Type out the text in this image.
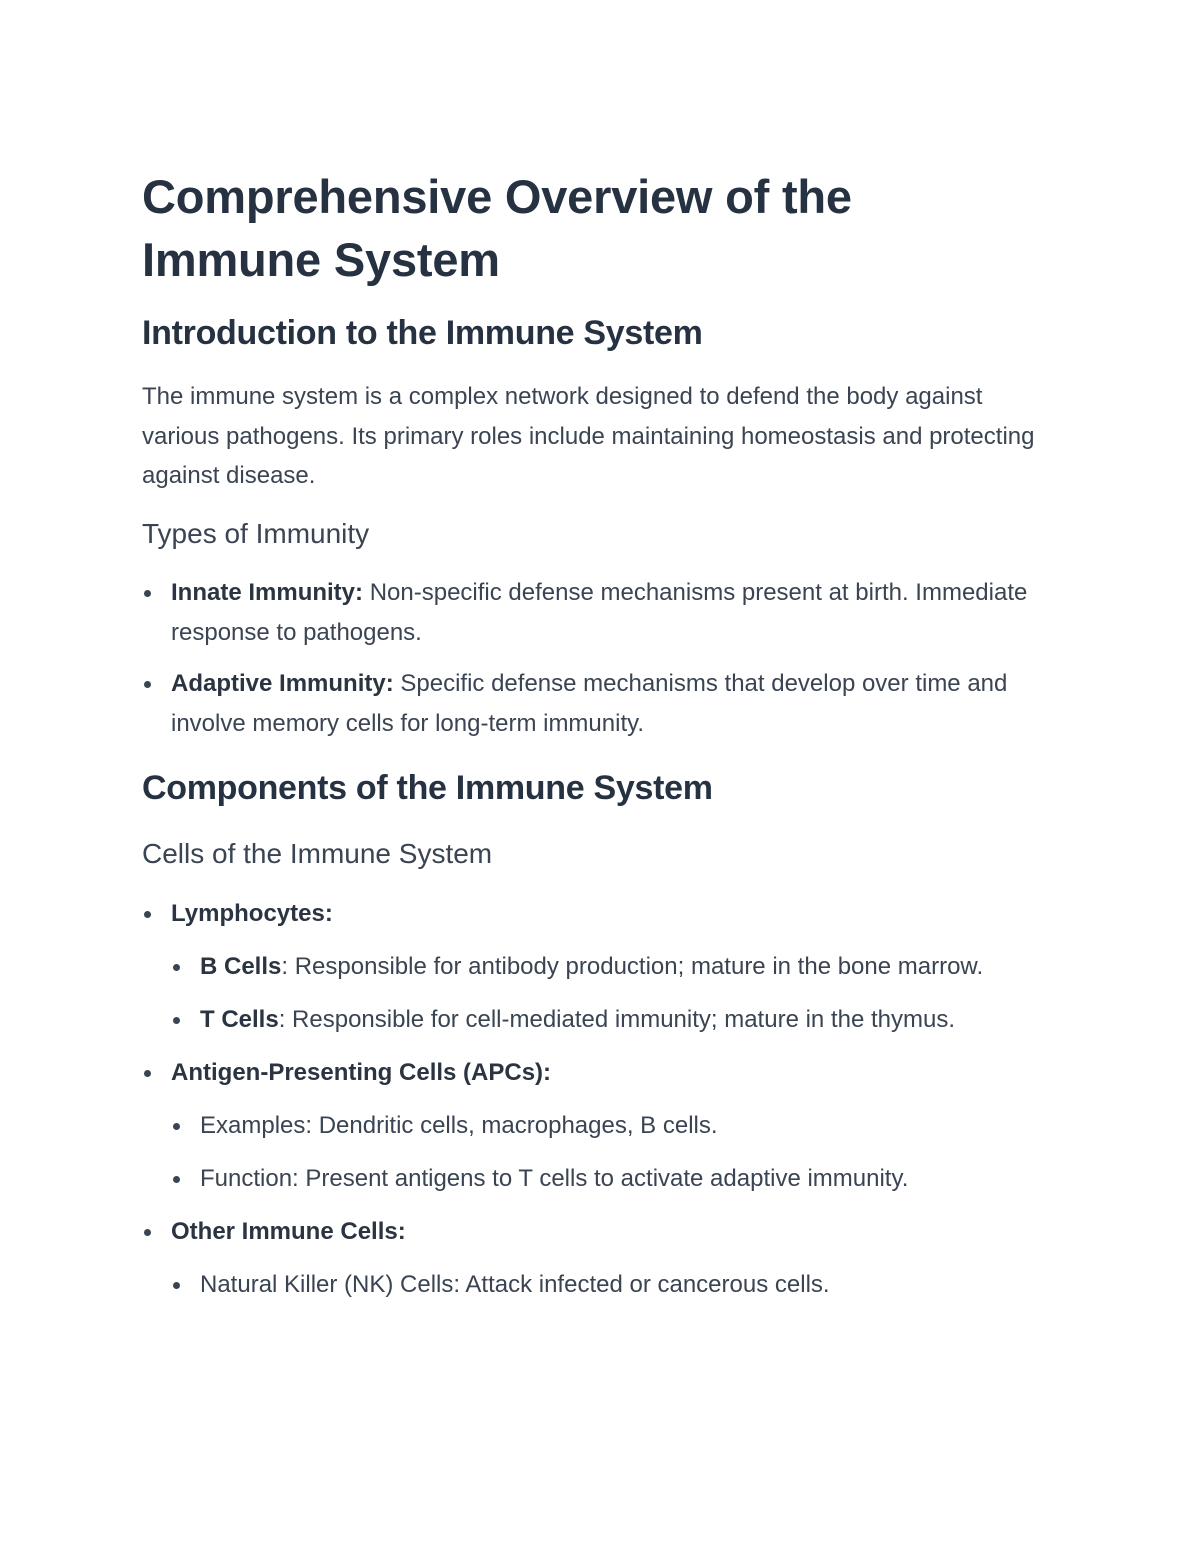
Comprehensive Overview of the Immune System
Introduction to the Immune System

The immune system is a complex network designed to defend the body against various pathogens. Its primary roles include maintaining homeostasis and protecting against disease.

Types of Immunity
Innate Immunity: Non-specific defense mechanisms present at birth. Immediate response to pathogens.
Adaptive Immunity: Specific defense mechanisms that develop over time and involve memory cells for long-term immunity.
Components of the Immune System
Cells of the Immune System
Lymphocytes:
B Cells: Responsible for antibody production; mature in the bone marrow.
T Cells: Responsible for cell-mediated immunity; mature in the thymus.
Antigen-Presenting Cells (APCs):
Examples: Dendritic cells, macrophages, B cells.
Function: Present antigens to T cells to activate adaptive immunity.
Other Immune Cells:
Natural Killer (NK) Cells: Attack infected or cancerous cells.
